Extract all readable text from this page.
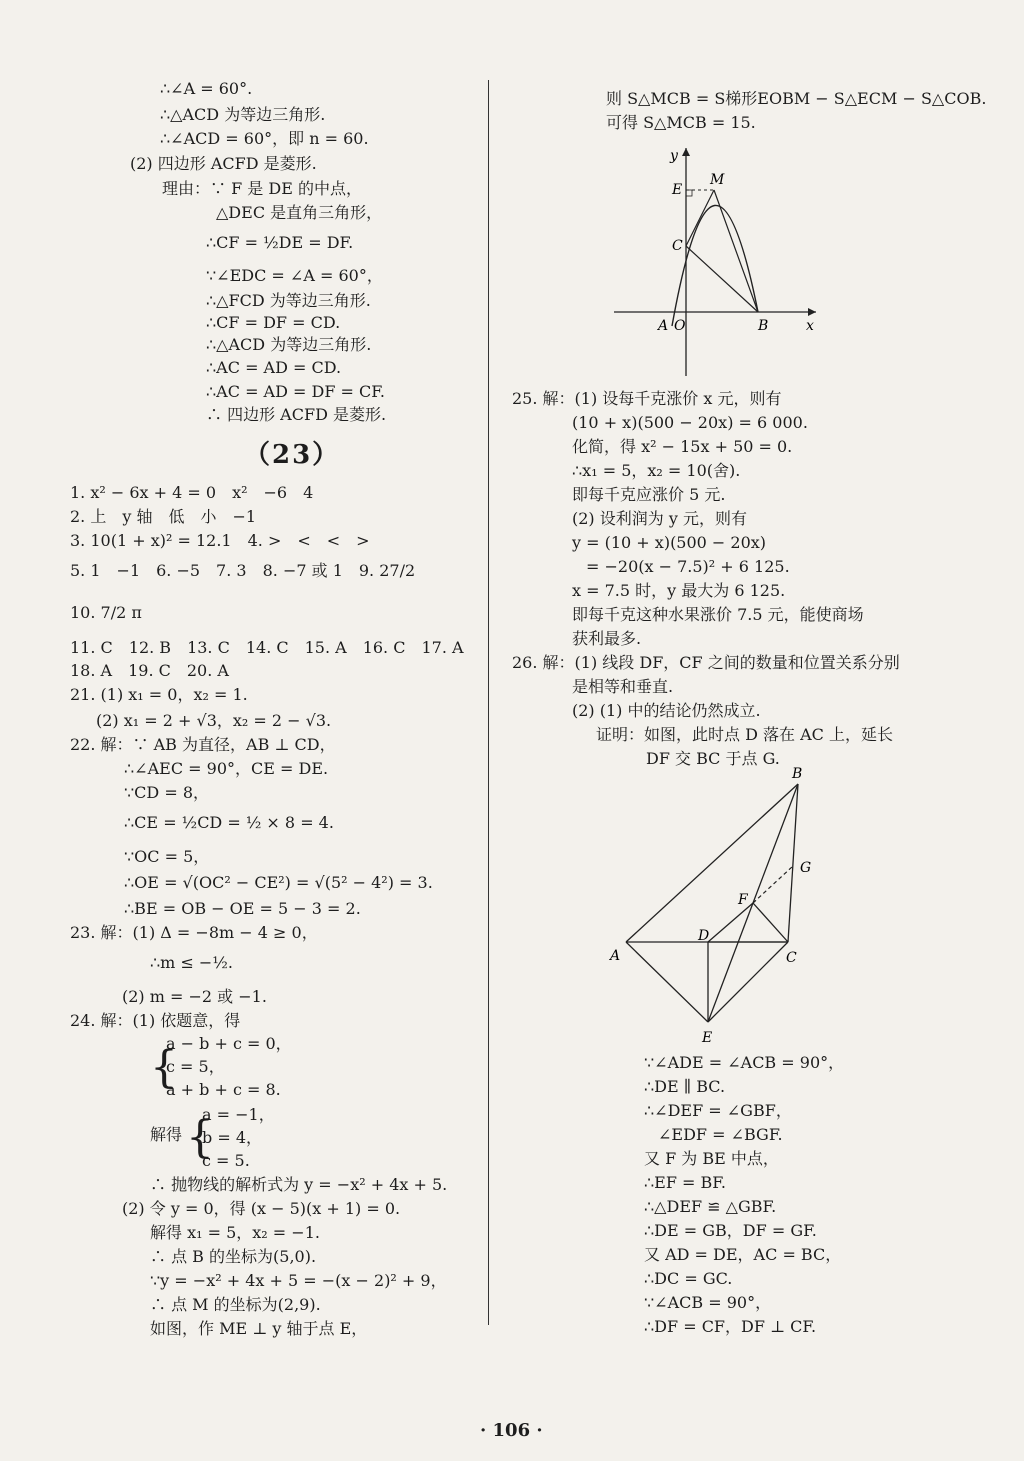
∴∠A = 60°.
∴△ACD 为等边三角形.
∴∠ACD = 60°，即 n = 60.
(2) 四边形 ACFD 是菱形.
理由：∵ F 是 DE 的中点，
△DEC 是直角三角形，
∴CF = ½DE = DF.
∵∠EDC = ∠A = 60°，
∴△FCD 为等边三角形.
∴CF = DF = CD.
∴△ACD 为等边三角形.
∴AC = AD = CD.
∴AC = AD = DF = CF.
∴ 四边形 ACFD 是菱形.
（23）
1. x² − 6x + 4 = 0　x²　−6　4
2. 上　y 轴　低　小　−1
3. 10(1 + x)² = 12.1　4. >　<　<　>
5. 1　−1　6. −5　7. 3　8. −7 或 1　9. 27/2
10. 7/2 π
11. C　12. B　13. C　14. C　15. A　16. C　17. A
18. A　19. C　20. A
21. (1) x₁ = 0，x₂ = 1.
(2) x₁ = 2 + √3，x₂ = 2 − √3.
22. 解：∵ AB 为直径，AB ⊥ CD，
∴∠AEC = 90°，CE = DE.
∵CD = 8，
∴CE = ½CD = ½ × 8 = 4.
∵OC = 5，
∴OE = √(OC² − CE²) = √(5² − 4²) = 3.
∴BE = OB − OE = 5 − 3 = 2.
23. 解：(1) Δ = −8m − 4 ≥ 0，
∴m ≤ −½.
(2) m = −2 或 −1.
24. 解：(1) 依题意，得
{
a − b + c = 0，
c = 5，
a + b + c = 8.
解得 {
a = −1，
b = 4，
c = 5.
∴ 抛物线的解析式为 y = −x² + 4x + 5.
(2) 令 y = 0，得 (x − 5)(x + 1) = 0.
解得 x₁ = 5，x₂ = −1.
∴ 点 B 的坐标为(5,0).
∵y = −x² + 4x + 5 = −(x − 2)² + 9，
∴ 点 M 的坐标为(2,9).
如图，作 ME ⊥ y 轴于点 E，
则 S△MCB = S梯形EOBM − S△ECM − S△COB.
可得 S△MCB = 15.
y
E
M
C
A O	B	x
25. 解：(1) 设每千克涨价 x 元，则有
(10 + x)(500 − 20x) = 6 000.
化简，得 x² − 15x + 50 = 0.
∴x₁ = 5，x₂ = 10(舍).
即每千克应涨价 5 元.
(2) 设利润为 y 元，则有
y = (10 + x)(500 − 20x)
= −20(x − 7.5)² + 6 125.
x = 7.5 时，y 最大为 6 125.
即每千克这种水果涨价 7.5 元，能使商场
获利最多.
26. 解：(1) 线段 DF，CF 之间的数量和位置关系分别
是相等和垂直.
(2) (1) 中的结论仍然成立.
证明：如图，此时点 D 落在 AC 上，延长
DF 交 BC 于点 G.
B
G
F
D
A	C
E
∵∠ADE = ∠ACB = 90°，
∴DE ∥ BC.
∴∠DEF = ∠GBF，
∠EDF = ∠BGF.
又 F 为 BE 中点，
∴EF = BF.
∴△DEF ≌ △GBF.
∴DE = GB，DF = GF.
又 AD = DE，AC = BC，
∴DC = GC.
∵∠ACB = 90°，
∴DF = CF，DF ⊥ CF.
· 106 ·
